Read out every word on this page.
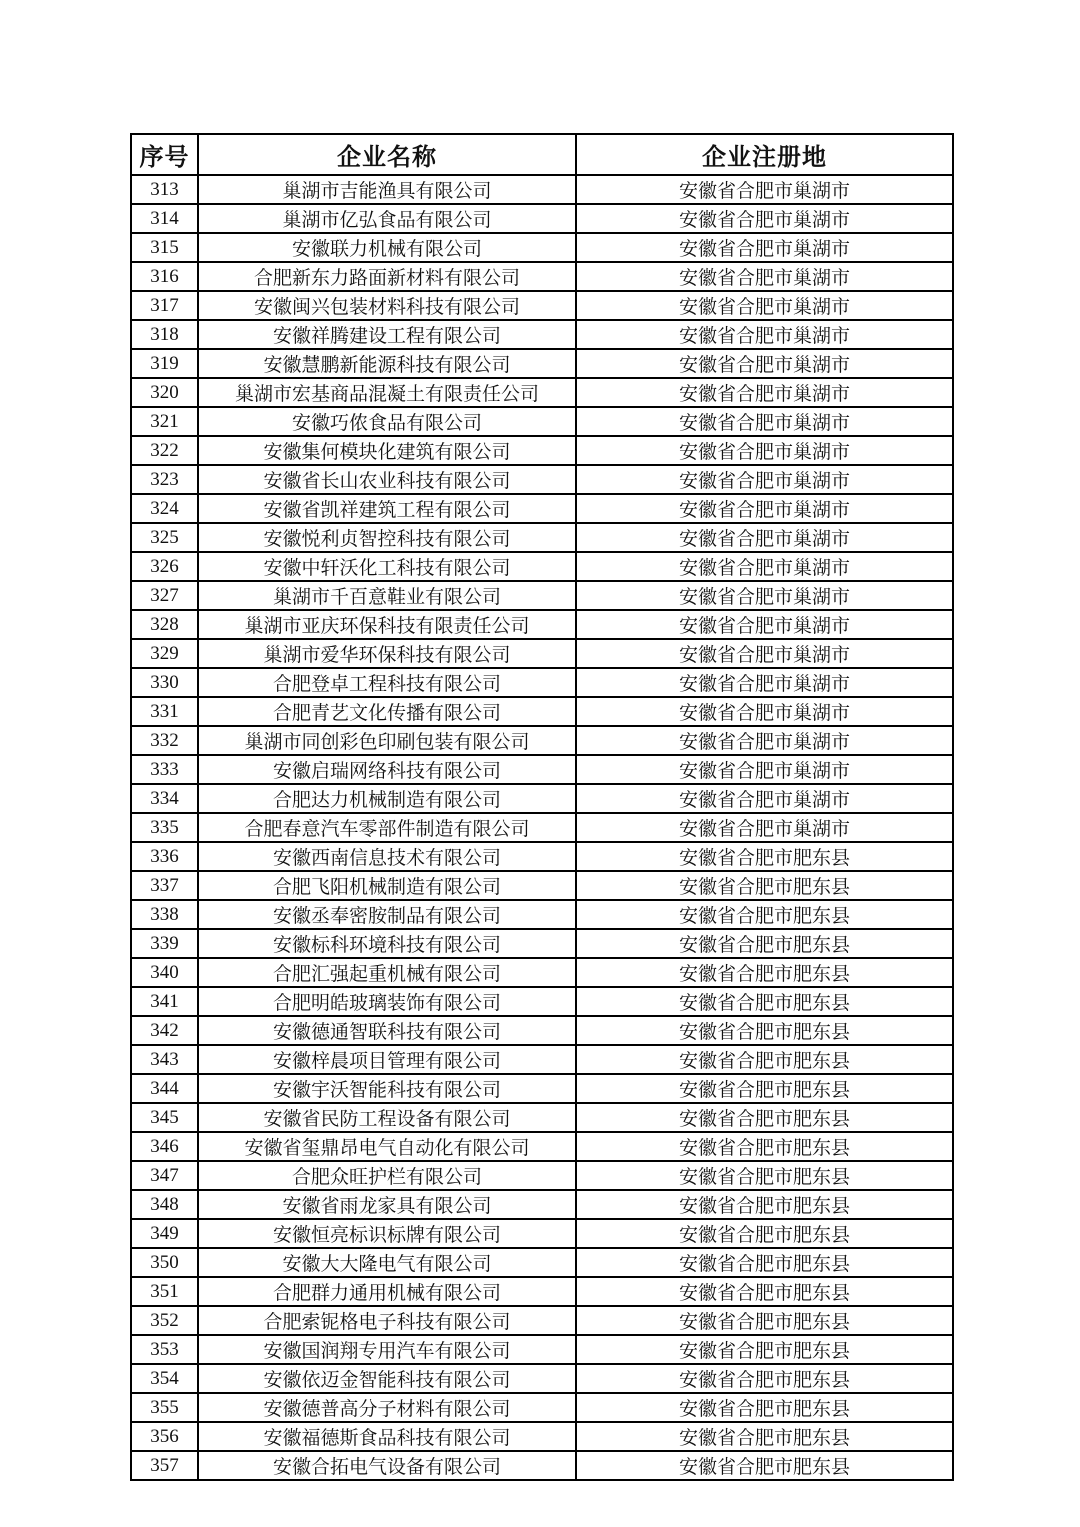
序号	企业名称	企业注册地
313	巢湖市吉能渔具有限公司	安徽省合肥市巢湖市
314	巢湖市亿弘食品有限公司	安徽省合肥市巢湖市
315	安徽联力机械有限公司	安徽省合肥市巢湖市
316	合肥新东力路面新材料有限公司	安徽省合肥市巢湖市
317	安徽闽兴包装材料科技有限公司	安徽省合肥市巢湖市
318	安徽祥腾建设工程有限公司	安徽省合肥市巢湖市
319	安徽慧鹏新能源科技有限公司	安徽省合肥市巢湖市
320	巢湖市宏基商品混凝土有限责任公司	安徽省合肥市巢湖市
321	安徽巧侬食品有限公司	安徽省合肥市巢湖市
322	安徽集何模块化建筑有限公司	安徽省合肥市巢湖市
323	安徽省长山农业科技有限公司	安徽省合肥市巢湖市
324	安徽省凯祥建筑工程有限公司	安徽省合肥市巢湖市
325	安徽悦利贞智控科技有限公司	安徽省合肥市巢湖市
326	安徽中轩沃化工科技有限公司	安徽省合肥市巢湖市
327	巢湖市千百意鞋业有限公司	安徽省合肥市巢湖市
328	巢湖市亚庆环保科技有限责任公司	安徽省合肥市巢湖市
329	巢湖市爱华环保科技有限公司	安徽省合肥市巢湖市
330	合肥登卓工程科技有限公司	安徽省合肥市巢湖市
331	合肥青艺文化传播有限公司	安徽省合肥市巢湖市
332	巢湖市同创彩色印刷包装有限公司	安徽省合肥市巢湖市
333	安徽启瑞网络科技有限公司	安徽省合肥市巢湖市
334	合肥达力机械制造有限公司	安徽省合肥市巢湖市
335	合肥春意汽车零部件制造有限公司	安徽省合肥市巢湖市
336	安徽西南信息技术有限公司	安徽省合肥市肥东县
337	合肥飞阳机械制造有限公司	安徽省合肥市肥东县
338	安徽丞奉密胺制品有限公司	安徽省合肥市肥东县
339	安徽标科环境科技有限公司	安徽省合肥市肥东县
340	合肥汇强起重机械有限公司	安徽省合肥市肥东县
341	合肥明皓玻璃装饰有限公司	安徽省合肥市肥东县
342	安徽德通智联科技有限公司	安徽省合肥市肥东县
343	安徽梓晨项目管理有限公司	安徽省合肥市肥东县
344	安徽宇沃智能科技有限公司	安徽省合肥市肥东县
345	安徽省民防工程设备有限公司	安徽省合肥市肥东县
346	安徽省玺鼎昂电气自动化有限公司	安徽省合肥市肥东县
347	合肥众旺护栏有限公司	安徽省合肥市肥东县
348	安徽省雨龙家具有限公司	安徽省合肥市肥东县
349	安徽恒亮标识标牌有限公司	安徽省合肥市肥东县
350	安徽大大隆电气有限公司	安徽省合肥市肥东县
351	合肥群力通用机械有限公司	安徽省合肥市肥东县
352	合肥索铌格电子科技有限公司	安徽省合肥市肥东县
353	安徽国润翔专用汽车有限公司	安徽省合肥市肥东县
354	安徽依迈金智能科技有限公司	安徽省合肥市肥东县
355	安徽德普高分子材料有限公司	安徽省合肥市肥东县
356	安徽福德斯食品科技有限公司	安徽省合肥市肥东县
357	安徽合拓电气设备有限公司	安徽省合肥市肥东县
